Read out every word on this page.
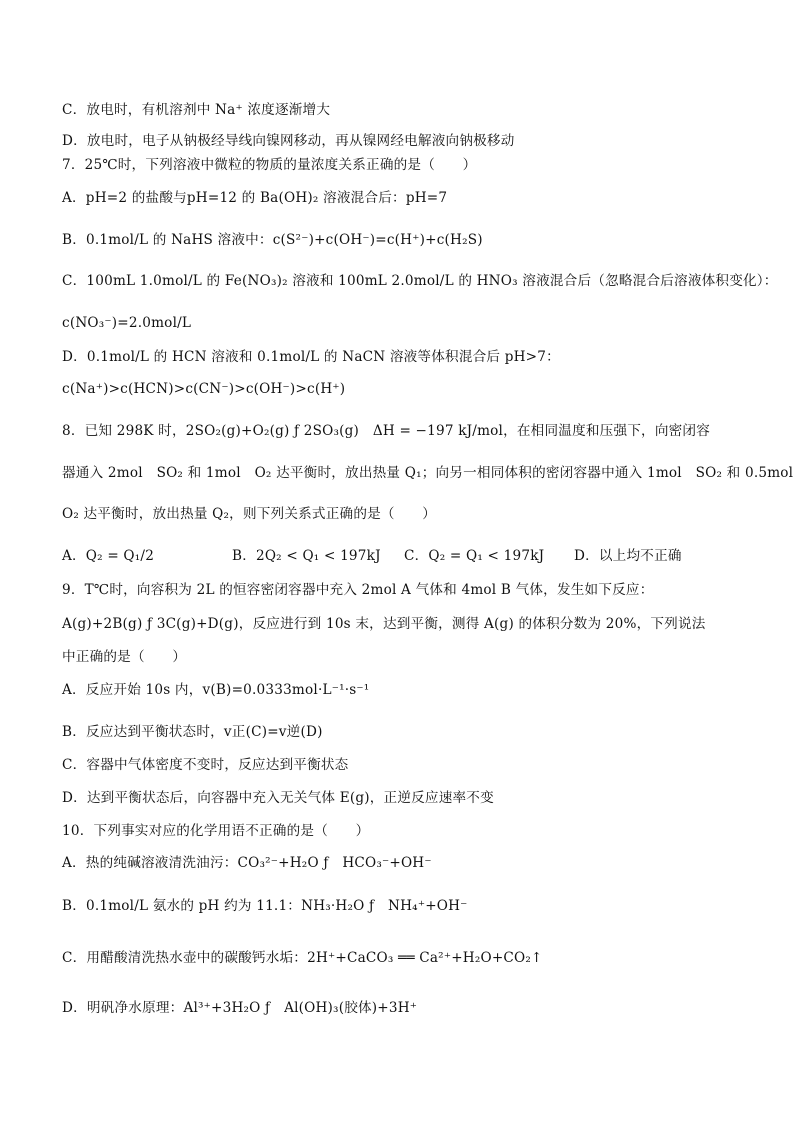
C．放电时，有机溶剂中 Na⁺ 浓度逐渐增大
D．放电时，电子从钠极经导线向镍网移动，再从镍网经电解液向钠极移动
7．25℃时，下列溶液中微粒的物质的量浓度关系正确的是（　　）
A．pH=2 的盐酸与pH=12 的 Ba(OH)₂ 溶液混合后：pH=7
B．0.1mol/L 的 NaHS 溶液中：c(S²⁻)+c(OH⁻)=c(H⁺)+c(H₂S)
C．100mL 1.0mol/L 的 Fe(NO₃)₂ 溶液和 100mL 2.0mol/L 的 HNO₃ 溶液混合后（忽略混合后溶液体积变化）：
c(NO₃⁻)=2.0mol/L
D．0.1mol/L 的 HCN 溶液和 0.1mol/L 的 NaCN 溶液等体积混合后 pH>7：
c(Na⁺)>c(HCN)>c(CN⁻)>c(OH⁻)>c(H⁺)
8．已知 298K 时，2SO₂(g)+O₂(g) ƒ 2SO₃(g)　ΔH = −197 kJ/mol，在相同温度和压强下，向密闭容
器通入 2mol　SO₂ 和 1mol　O₂ 达平衡时，放出热量 Q₁；向另一相同体积的密闭容器中通入 1mol　SO₂ 和 0.5mol
O₂ 达平衡时，放出热量 Q₂，则下列关系式正确的是（　　）
A．Q₂ = Q₁/2	B．2Q₂ < Q₁ < 197kJ	C．Q₂ = Q₁ < 197kJ	D．以上均不正确
9．T℃时，向容积为 2L 的恒容密闭容器中充入 2mol A 气体和 4mol B 气体，发生如下反应：
A(g)+2B(g) ƒ 3C(g)+D(g)，反应进行到 10s 末，达到平衡，测得 A(g) 的体积分数为 20%，下列说法
中正确的是（　　）
A．反应开始 10s 内，v(B)=0.0333mol·L⁻¹·s⁻¹
B．反应达到平衡状态时，v正(C)=v逆(D)
C．容器中气体密度不变时，反应达到平衡状态
D．达到平衡状态后，向容器中充入无关气体 E(g)，正逆反应速率不变
10．下列事实对应的化学用语不正确的是（　　）
A．热的纯碱溶液清洗油污：CO₃²⁻+H₂O ƒ　HCO₃⁻+OH⁻
B．0.1mol/L 氨水的 pH 约为 11.1：NH₃·H₂O ƒ　NH₄⁺+OH⁻
C．用醋酸清洗热水壶中的碳酸钙水垢：2H⁺+CaCO₃ ══ Ca²⁺+H₂O+CO₂↑
D．明矾净水原理：Al³⁺+3H₂O ƒ　Al(OH)₃(胶体)+3H⁺
